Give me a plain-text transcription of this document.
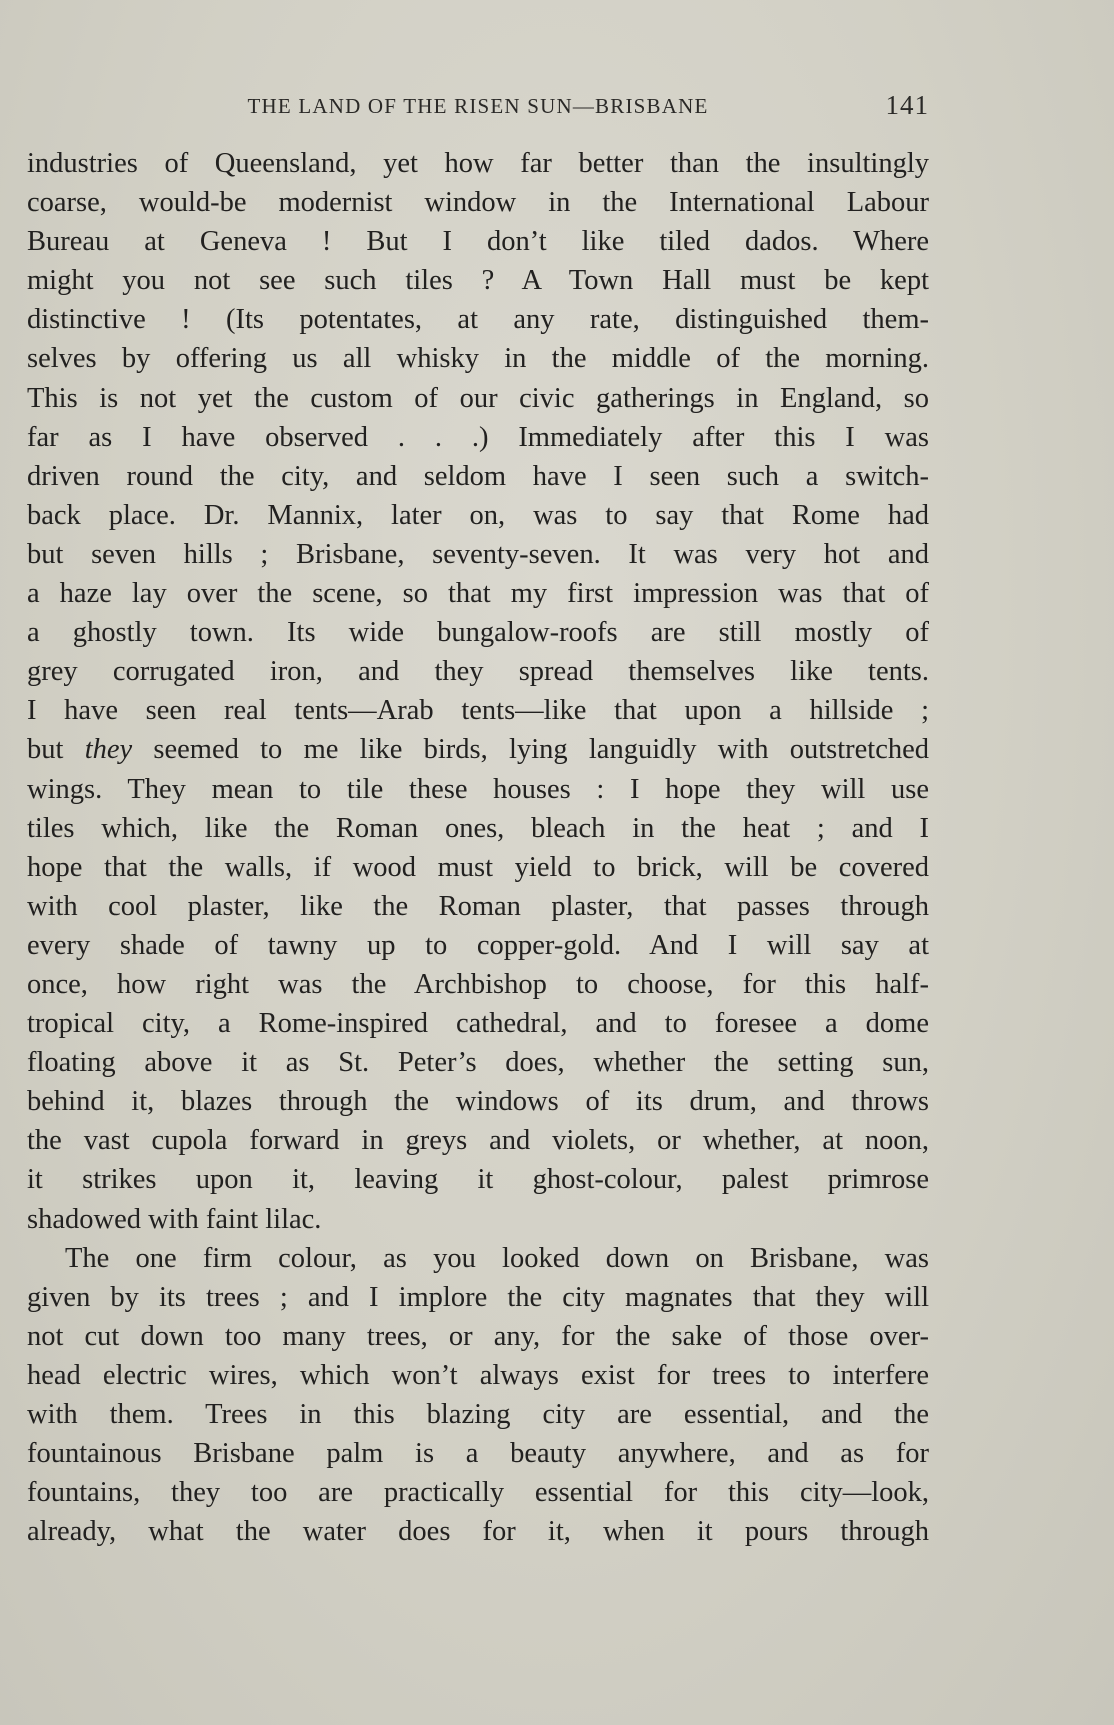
THE LAND OF THE RISEN SUN—BRISBANE	141
industries of Queensland, yet how far better than the insultingly
coarse, would-be modernist window in the International Labour
Bureau at Geneva ! But I don’t like tiled dados. Where
might you not see such tiles ? A Town Hall must be kept
distinctive ! (Its potentates, at any rate, distinguished them-
selves by offering us all whisky in the middle of the morning.
This is not yet the custom of our civic gatherings in England, so
far as I have observed . . .) Immediately after this I was
driven round the city, and seldom have I seen such a switch-
back place. Dr. Mannix, later on, was to say that Rome had
but seven hills ; Brisbane, seventy-seven. It was very hot and
a haze lay over the scene, so that my first impression was that of
a ghostly town. Its wide bungalow-roofs are still mostly of
grey corrugated iron, and they spread themselves like tents.
I have seen real tents—Arab tents—like that upon a hillside ;
but they seemed to me like birds, lying languidly with outstretched
wings. They mean to tile these houses : I hope they will use
tiles which, like the Roman ones, bleach in the heat ; and I
hope that the walls, if wood must yield to brick, will be covered
with cool plaster, like the Roman plaster, that passes through
every shade of tawny up to copper-gold. And I will say at
once, how right was the Archbishop to choose, for this half-
tropical city, a Rome-inspired cathedral, and to foresee a dome
floating above it as St. Peter’s does, whether the setting sun,
behind it, blazes through the windows of its drum, and throws
the vast cupola forward in greys and violets, or whether, at noon,
it strikes upon it, leaving it ghost-colour, palest primrose
shadowed with faint lilac.
The one firm colour, as you looked down on Brisbane, was
given by its trees ; and I implore the city magnates that they will
not cut down too many trees, or any, for the sake of those over-
head electric wires, which won’t always exist for trees to interfere
with them. Trees in this blazing city are essential, and the
fountainous Brisbane palm is a beauty anywhere, and as for
fountains, they too are practically essential for this city—look,
already, what the water does for it, when it pours through
